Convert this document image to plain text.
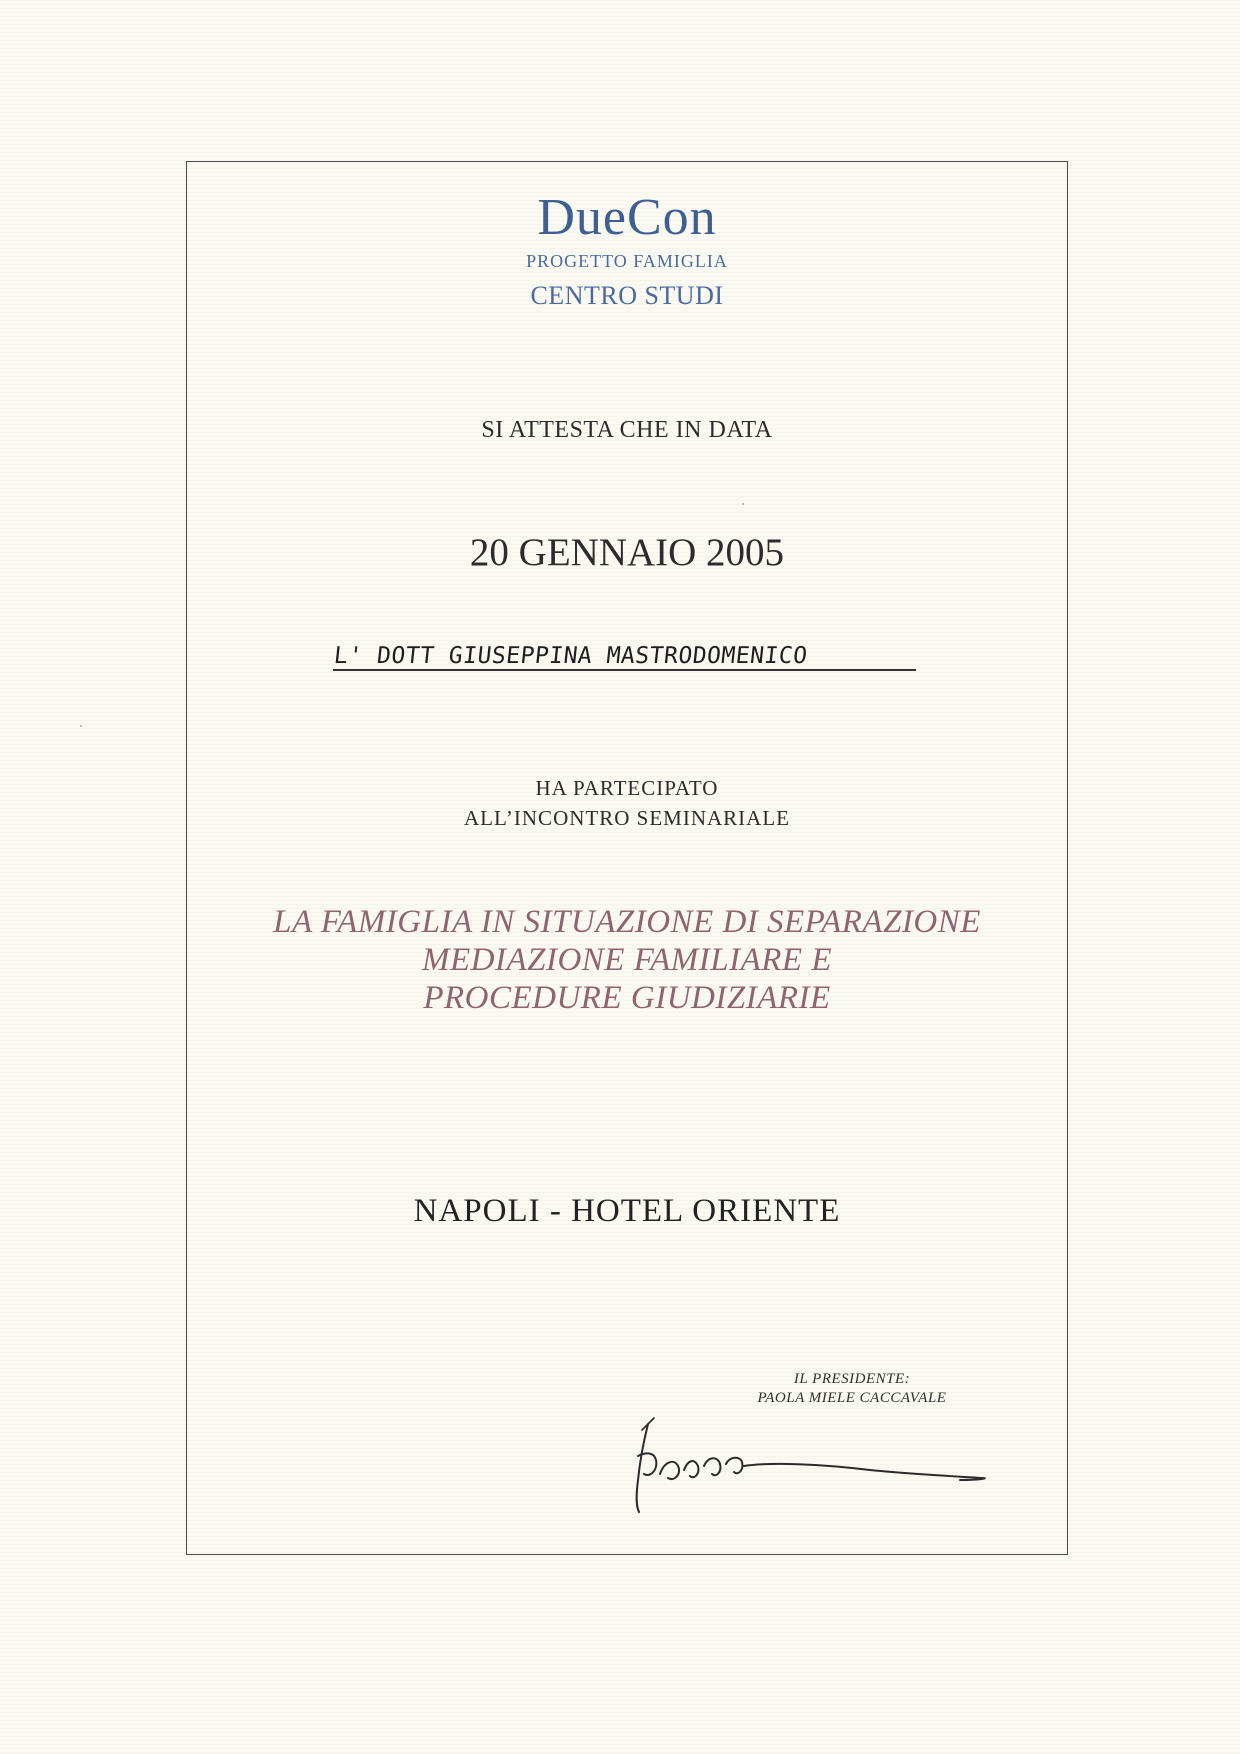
DueCon
PROGETTO FAMIGLIA
CENTRO STUDI
SI ATTESTA CHE IN DATA
20 GENNAIO 2005
L' DOTT GIUSEPPINA MASTRODOMENICO
HA PARTECIPATO
ALL’INCONTRO SEMINARIALE
LA FAMIGLIA IN SITUAZIONE DI SEPARAZIONE
MEDIAZIONE FAMILIARE E
PROCEDURE GIUDIZIARIE
NAPOLI - HOTEL ORIENTE
IL PRESIDENTE:
PAOLA MIELE CACCAVALE
